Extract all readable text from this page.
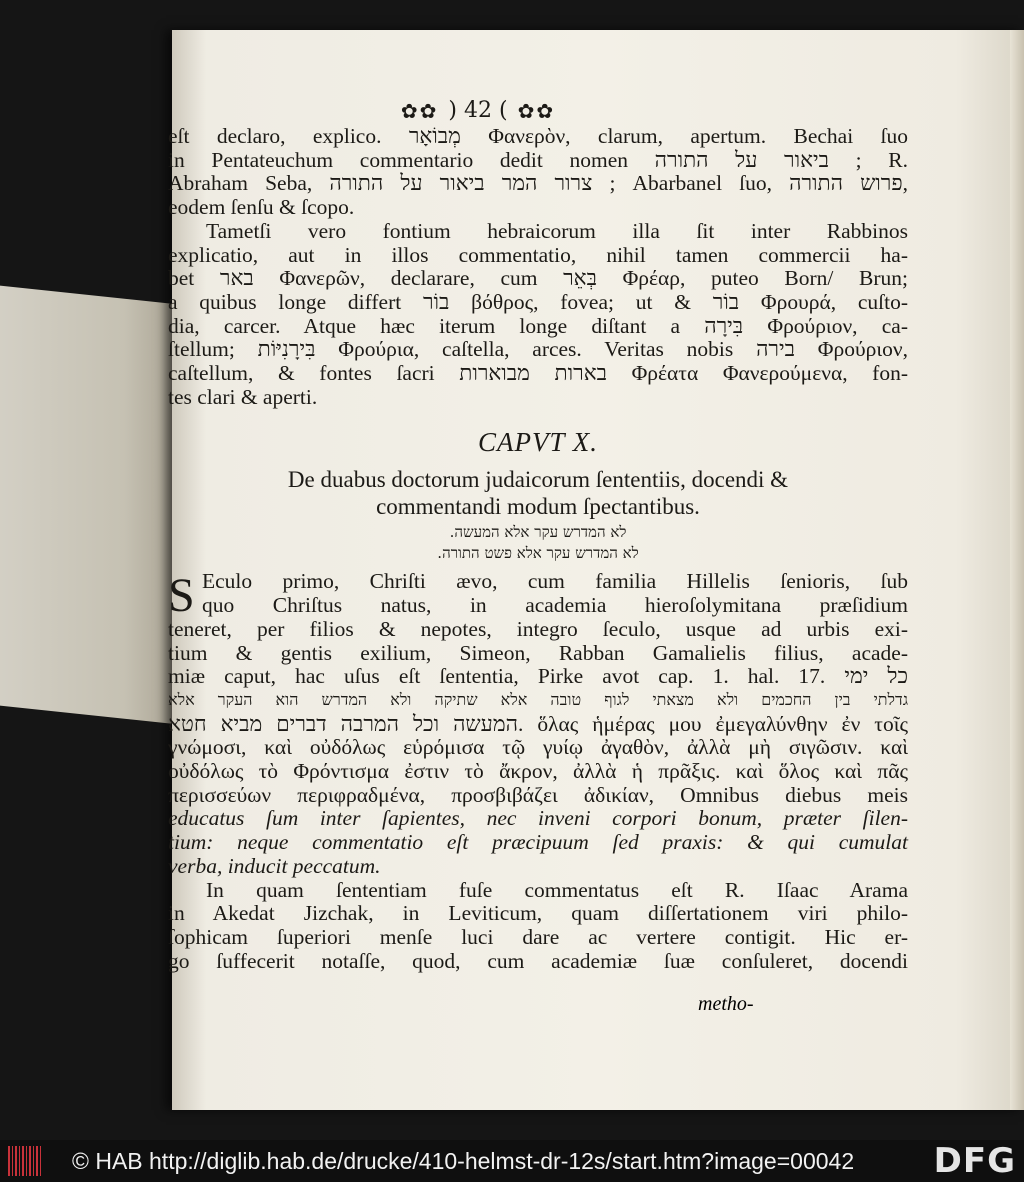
✿✿ ) 42 ( ✿✿
eſt declaro, explico. מְבוֹאָר Φανερὸν, clarum, apertum. Bechai ſuo
in Pentateuchum commentario dedit nomen ביאור על התורה ; R.
Abraham Seba, צרור המר ביאור על התורה ; Abarbanel ſuo, פרוש התורה,
eodem ſenſu & ſcopo.
Tametſi vero fontium hebraicorum illa ſit inter Rabbinos
explicatio, aut in illos commentatio, nihil tamen commercii ha-
bet באר Φανερῶν, declarare, cum בְּאֵר Φρέαρ, puteo Born/ Brun;
a quibus longe differt בוֹר βόθρος, fovea; ut & בוֹר Φρουρά, cuſto-
dia, carcer. Atque hæc iterum longe diſtant a בִּירָה Φρούριον, ca-
ſtellum; בִּירָנִיּוֹת Φρούρια, caſtella, arces. Veritas nobis בירה Φρούριον,
caſtellum, & fontes ſacri בארות מבוארות Φρέατα Φανερούμενα, fon-
tes clari & aperti.
CAPVT X.
De duabus doctorum judaicorum ſententiis, docendi &
commentandi modum ſpectantibus.
לא המדרש עקר אלא המעשה.
לא המדרש עקר אלא פשט התורה.
S Eculo primo, Chriſti ævo, cum familia Hillelis ſenioris, ſub
quo Chriſtus natus, in academia hieroſolymitana præſidium
teneret, per filios & nepotes, integro ſeculo, usque ad urbis exi-
tium & gentis exilium, Simeon, Rabban Gamalielis filius, acade-
miæ caput, hac uſus eſt ſententia, Pirke avot cap. 1. hal. 17. כל ימי
גדלתי בין החכמים ולא מצאתי לגוף טובה אלא שתיקה ולא המדרש הוא העקר אלא
המעשה וכל המרבה דברים מביא חטא. ὅλας ἡμέρας μου ἐμεγαλύνθην ἐν τοῖς
γνώμοσι, καὶ οὐδόλως εὑρόμισα τῷ γυίῳ ἀγαθὸν, ἀλλὰ μὴ σιγῶσιν. καὶ
οὐδόλως τὸ Φρόντισμα ἐστιν τὸ ἄκρον, ἀλλὰ ἡ πρᾶξις. καὶ ὅλος καὶ πᾶς
περισσεύων περιφραδμένα, προσβιβάζει ἀδικίαν, Omnibus diebus meis
educatus ſum inter ſapientes, nec inveni corpori bonum, præter ſilen-
tium: neque commentatio eſt præcipuum ſed praxis: & qui cumulat
verba, inducit peccatum.
In quam ſententiam fuſe commentatus eſt R. Iſaac Arama
in Akedat Jizchak, in Leviticum, quam diſſertationem viri philo-
ſophicam ſuperiori menſe luci dare ac vertere contigit. Hic er-
go ſuffecerit notaſſe, quod, cum academiæ ſuæ conſuleret, docendi
metho-
© HAB http://diglib.hab.de/drucke/410-helmst-dr-12s/start.htm?image=00042	DFG
